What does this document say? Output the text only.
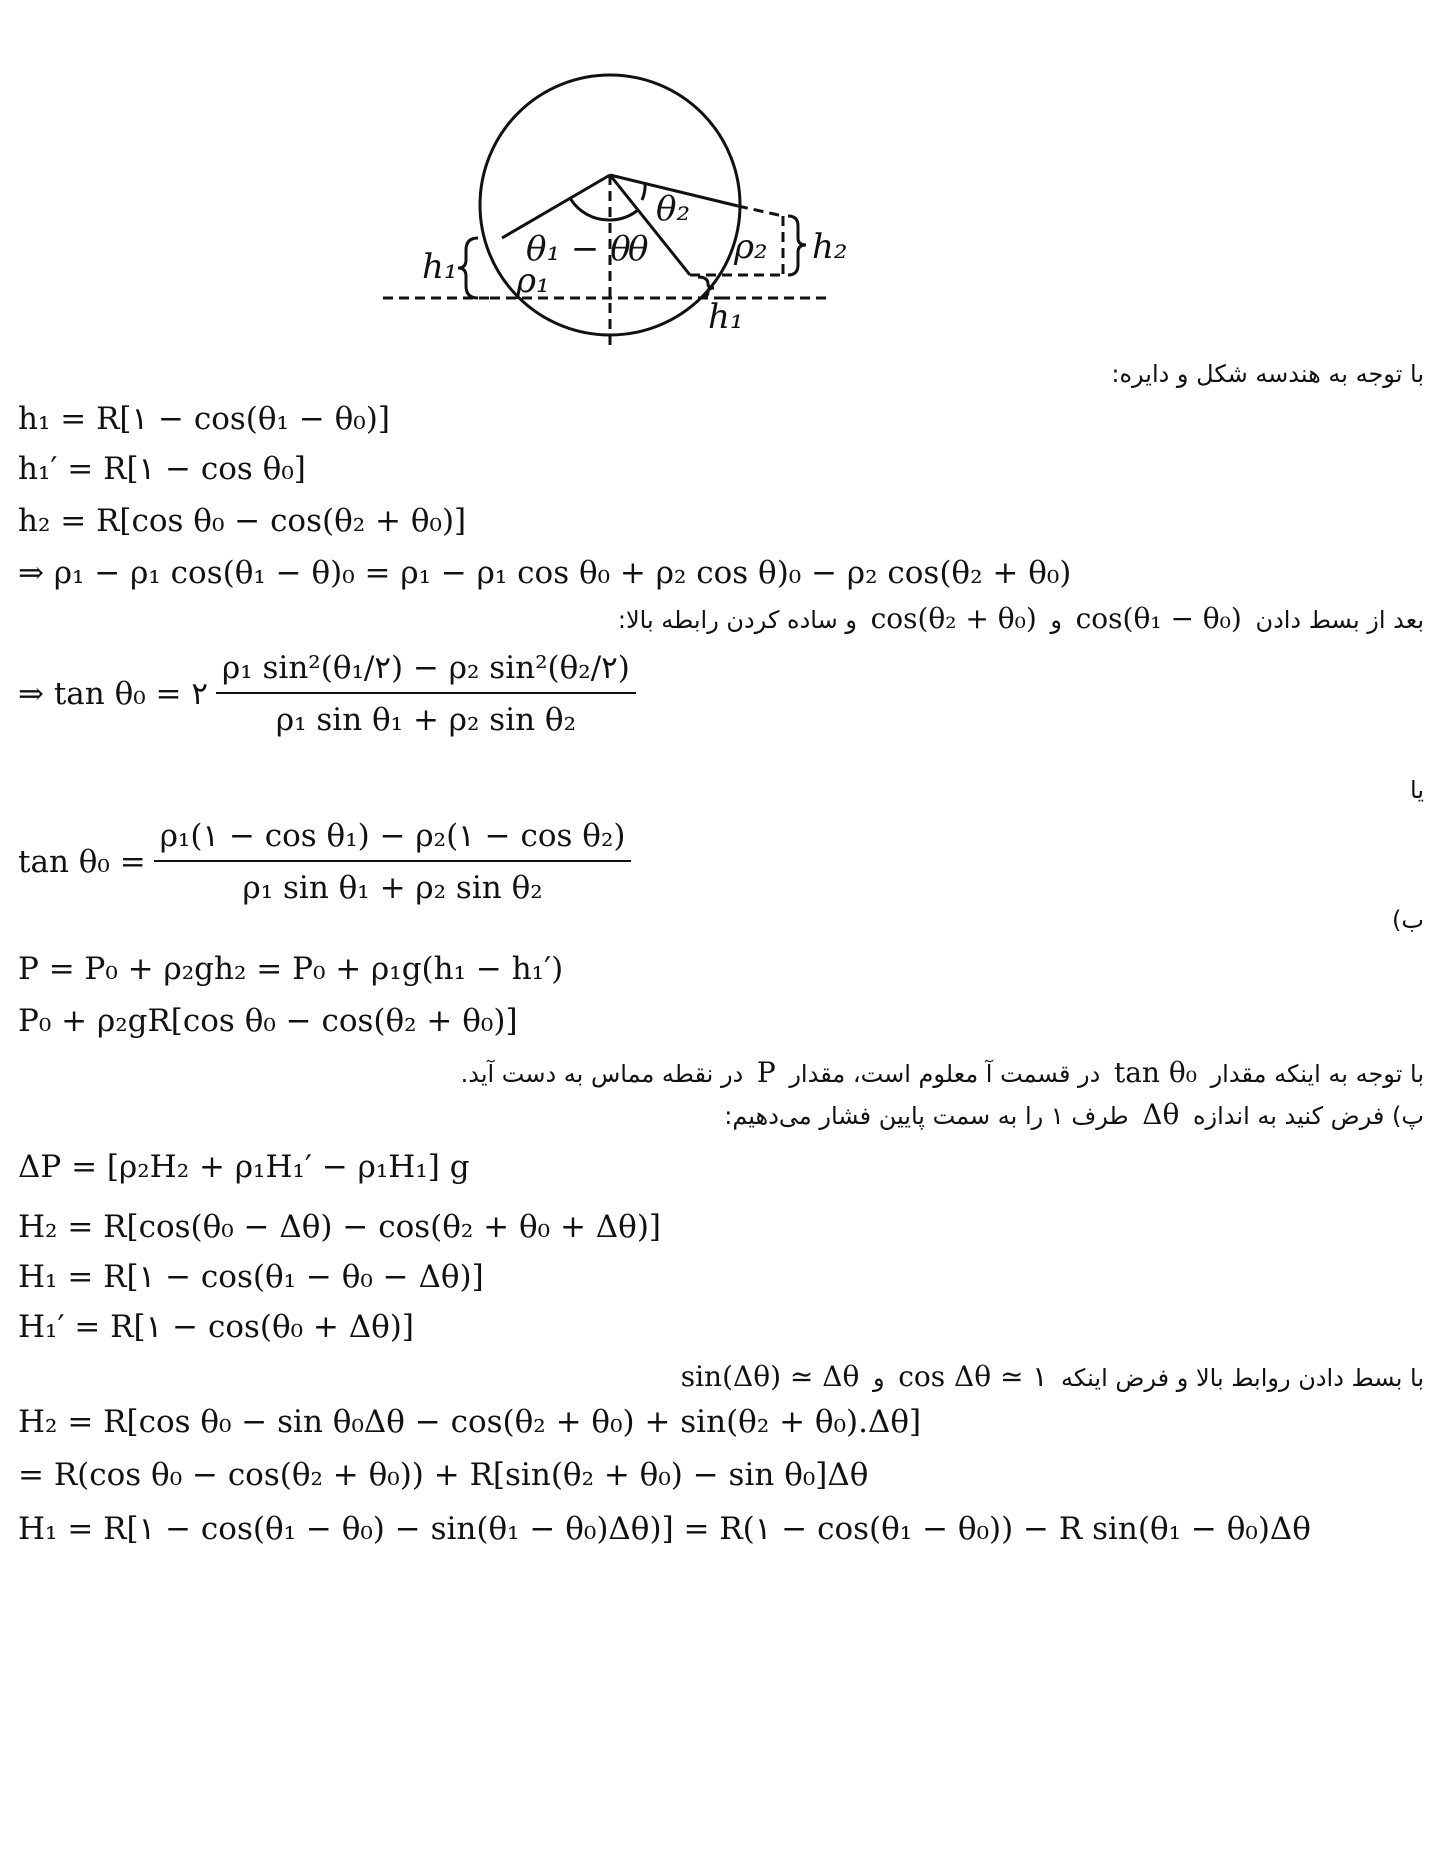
h₁	h₂
h₁
ρ₁
ρ₂
θ₁ − θ
θ
θ₂
با توجه به هندسه شکل و دایره:
h₁ = R[۱ − cos(θ₁ − θ₀)]
h₁′ = R[۱ − cos θ₀]
h₂ = R[cos θ₀ − cos(θ₂ + θ₀)]
⇒ ρ₁ − ρ₁ cos(θ₁ − θ)₀ = ρ₁ − ρ₁ cos θ₀ + ρ₂ cos θ)₀ − ρ₂ cos(θ₂ + θ₀)
بعد از بسط دادن cos(θ₁ − θ₀) و cos(θ₂ + θ₀) و ساده کردن رابطه بالا:
⇒ tan θ₀ = ۲ $\frac{\text{ρ₁ sin²(θ₁/۲) − ρ₂ sin²(θ₂/۲)}}{\text{ρ₁ sin θ₁ + ρ₂ sin θ₂}}$
یا
$\tan \theta_0 = \frac{\text{ρ₁(۱ − cos θ₁) − ρ₂(۱ − cos θ₂)}}{\text{ρ₁ sin θ₁ + ρ₂ sin θ₂}}$
ب)
P = P₀ + ρ₂gh₂ = P₀ + ρ₁g(h₁ − h₁′)
P₀ + ρ₂gR[cos θ₀ − cos(θ₂ + θ₀)]
با توجه به اینکه مقدار tan θ₀ در قسمت آ معلوم است، مقدار P در نقطه مماس به دست آید.
پ) فرض کنید به اندازه Δθ طرف ۱ را به سمت پایین فشار می‌دهیم:
ΔP = [ρ₂H₂ + ρ₁H₁′ − ρ₁H₁] g
H₂ = R[cos(θ₀ − Δθ) − cos(θ₂ + θ₀ + Δθ)]
H₁ = R[۱ − cos(θ₁ − θ₀ − Δθ)]
H₁′ = R[۱ − cos(θ₀ + Δθ)]
با بسط دادن روابط بالا و فرض اینکه cos Δθ ≃ ۱ و sin(Δθ) ≃ Δθ
H₂ = R[cos θ₀ − sin θ₀Δθ − cos(θ₂ + θ₀) + sin(θ₂ + θ₀).Δθ]
= R(cos θ₀ − cos(θ₂ + θ₀)) + R[sin(θ₂ + θ₀) − sin θ₀]Δθ
H₁ = R[۱ − cos(θ₁ − θ₀) − sin(θ₁ − θ₀)Δθ)] = R(۱ − cos(θ₁ − θ₀)) − R sin(θ₁ − θ₀)Δθ
